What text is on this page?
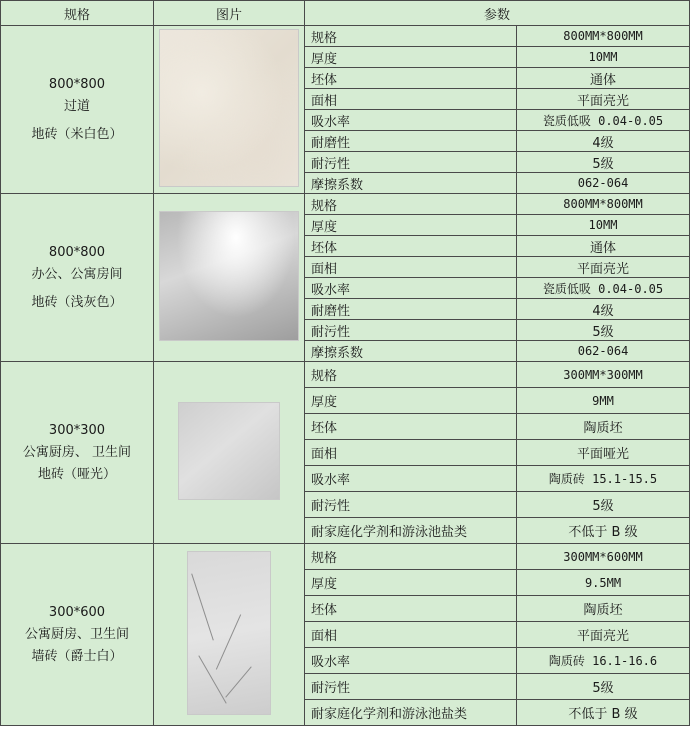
规格	图片	参数	

800*800
过道
地砖（米白色）		规格	800MM*800MM
		厚度	10MM
		坯体	通体
		面相	平面亮光
		吸水率	瓷质低吸 0.04-0.05
		耐磨性	4级
		耐污性	5级
		摩擦系数	062-064

800*800
办公、公寓房间
地砖（浅灰色）		规格	800MM*800MM
		厚度	10MM
		坯体	通体
		面相	平面亮光
		吸水率	瓷质低吸 0.04-0.05
		耐磨性	4级
		耐污性	5级
		摩擦系数	062-064

300*300
公寓厨房、 卫生间
地砖（哑光）		规格	300MM*300MM
		厚度	9MM
		坯体	陶质坯
		面相	平面哑光
		吸水率	陶质砖 15.1-15.5
		耐污性	5级
		耐家庭化学剂和游泳池盐类	不低于 B 级

300*600
公寓厨房、卫生间
墙砖（爵士白）		规格	300MM*600MM
		厚度	9.5MM
		坯体	陶质坯
		面相	平面亮光
		吸水率	陶质砖 16.1-16.6
		耐污性	5级
		耐家庭化学剂和游泳池盐类	不低于 B 级
